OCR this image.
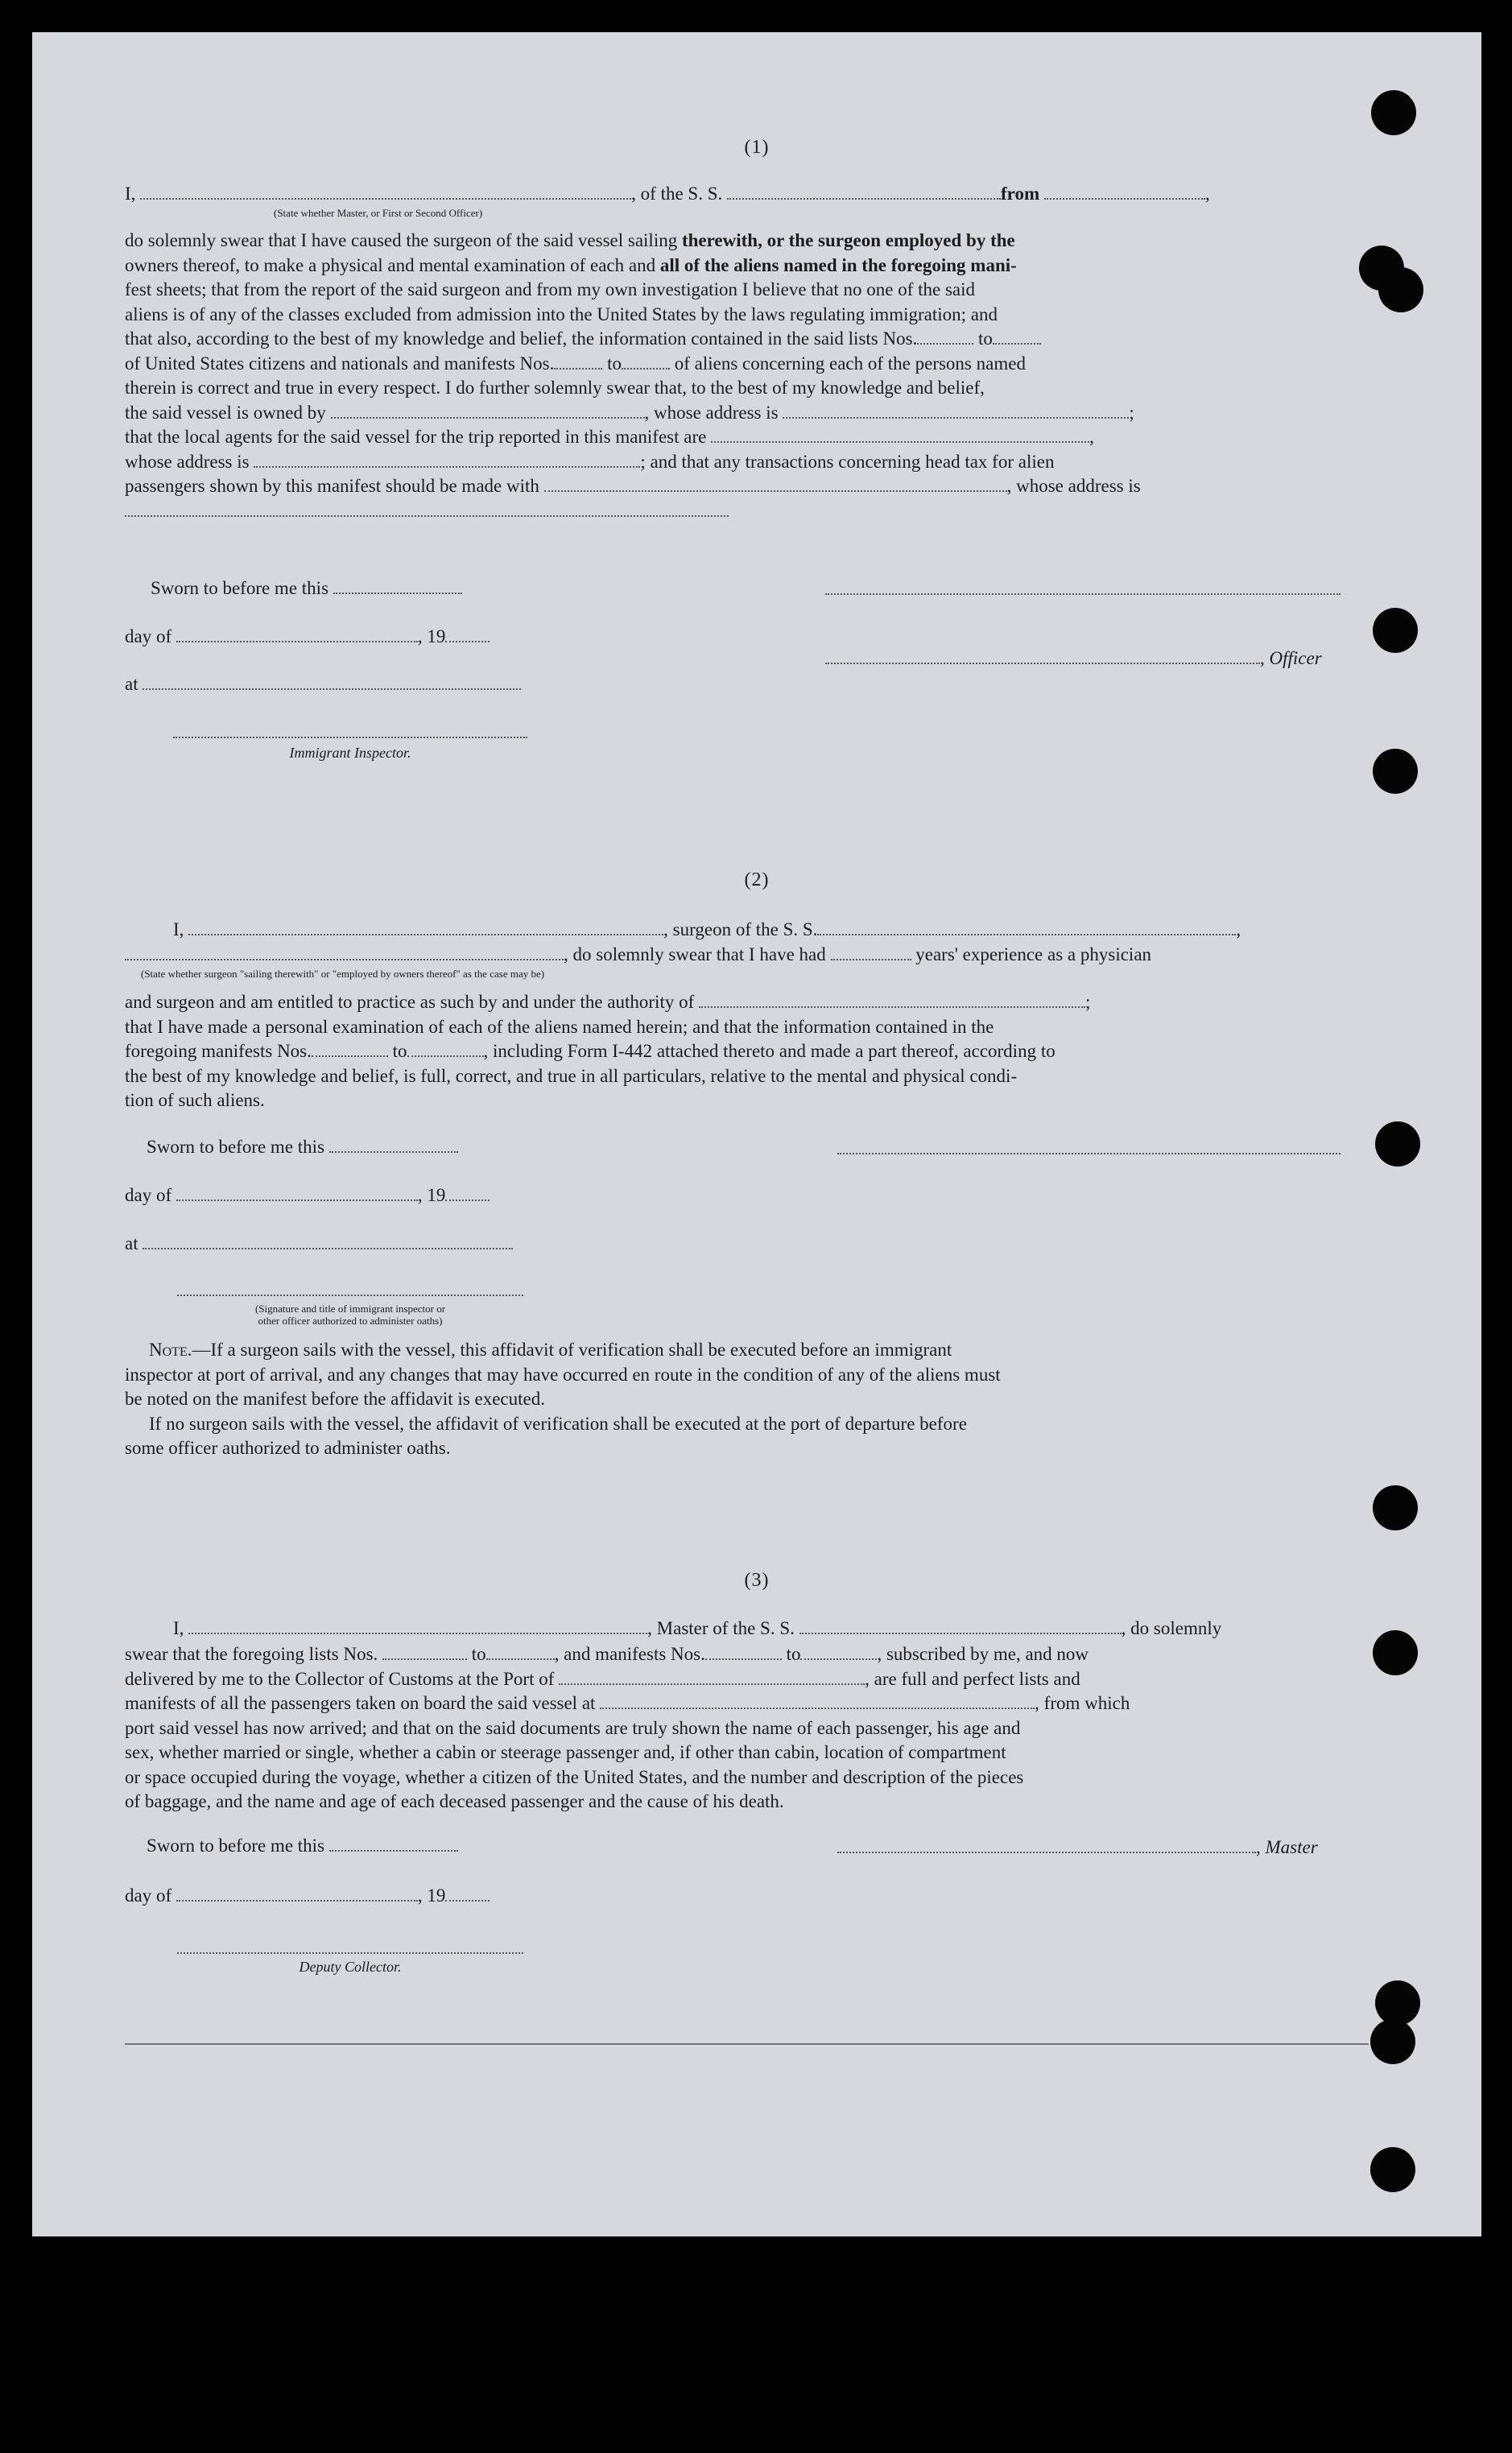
(1)
I,	, of the S. S.	from	,
(State whether Master, or First or Second Officer)

do solemnly swear that I have caused the surgeon of the said vessel sailing therewith, or the surgeon employed by the

owners thereof, to make a physical and mental examination of each and all of the aliens named in the foregoing mani-

fest sheets; that from the report of the said surgeon and from my own investigation I believe that no one of the said

aliens is of any of the classes excluded from admission into the United States by the laws regulating immigration; and

that also, according to the best of my knowledge and belief, the information contained in the said lists Nos.	to

of United States citizens and nationals and manifests Nos.	to	of aliens concerning each of the persons named

therein is correct and true in every respect. I do further solemnly swear that, to the best of my knowledge and belief,

the said vessel is owned by	, whose address is	;

that the local agents for the said vessel for the trip reported in this manifest are	,

whose address is	; and that any transactions concerning head tax for alien

passengers shown by this manifest should be made with	, whose address is

Sworn to before me this
day of	, 19
, Officer
at
Immigrant Inspector.
(2)
I,	, surgeon of the S. S.	,
, do solemnly swear that I have had	years' experience as a physician
(State whether surgeon "sailing therewith" or "employed by owners thereof" as the case may be)

and surgeon and am entitled to practice as such by and under the authority of	;

that I have made a personal examination of each of the aliens named herein; and that the information contained in the

foregoing manifests Nos.	to	, including Form I-442 attached thereto and made a part thereof, according to

the best of my knowledge and belief, is full, correct, and true in all particulars, relative to the mental and physical condi-

tion of such aliens.

Sworn to before me this
day of	, 19
at
(Signature and title of immigrant inspector or
other officer authorized to administer oaths)

Note.—If a surgeon sails with the vessel, this affidavit of verification shall be executed before an immigrant

inspector at port of arrival, and any changes that may have occurred en route in the condition of any of the aliens must

be noted on the manifest before the affidavit is executed.

If no surgeon sails with the vessel, the affidavit of verification shall be executed at the port of departure before

some officer authorized to administer oaths.

(3)
I,	, Master of the S. S.	, do solemnly

swear that the foregoing lists Nos.	to	, and manifests Nos.	to	, subscribed by me, and now

delivered by me to the Collector of Customs at the Port of	, are full and perfect lists and

manifests of all the passengers taken on board the said vessel at	, from which

port said vessel has now arrived; and that on the said documents are truly shown the name of each passenger, his age and

sex, whether married or single, whether a cabin or steerage passenger and, if other than cabin, location of compartment

or space occupied during the voyage, whether a citizen of the United States, and the number and description of the pieces

of baggage, and the name and age of each deceased passenger and the cause of his death.

Sworn to before me this	, Master
day of	, 19
Deputy Collector.
